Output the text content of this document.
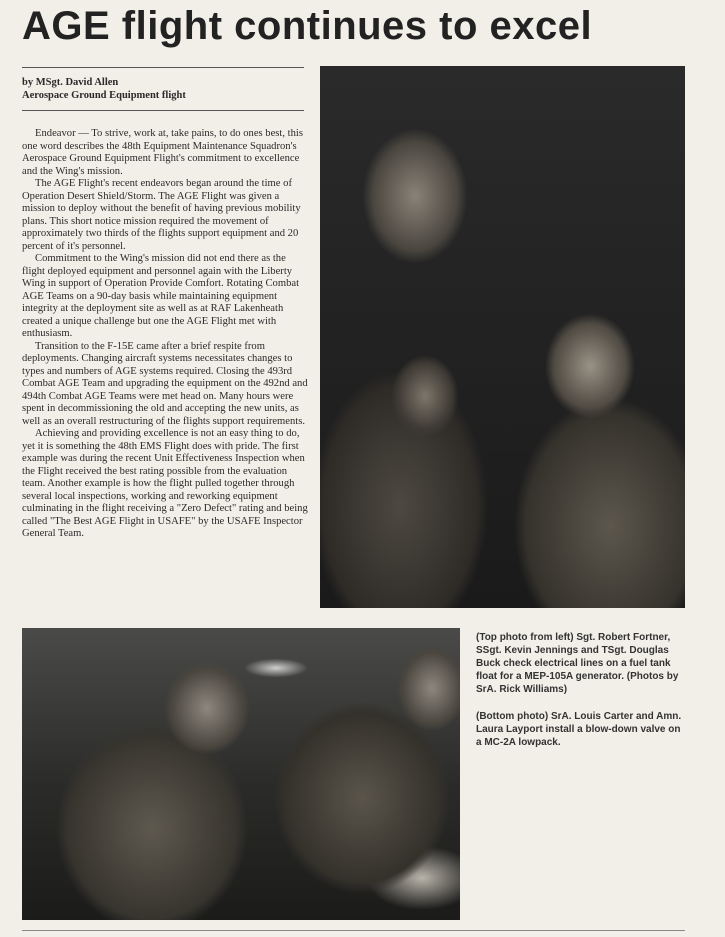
AGE flight continues to excel
by MSgt. David Allen
Aerospace Ground Equipment flight

Endeavor — To strive, work at, take pains, to do ones best, this one word describes the 48th Equipment Maintenance Squadron's Aerospace Ground Equipment Flight's commitment to excellence and the Wing's mission.

The AGE Flight's recent endeavors began around the time of Operation Desert Shield/Storm. The AGE Flight was given a mission to deploy without the benefit of having previous mobility plans. This short notice mission required the movement of approximately two thirds of the flights support equipment and 20 percent of it's personnel.

Commitment to the Wing's mission did not end there as the flight deployed equipment and personnel again with the Liberty Wing in support of Operation Provide Comfort. Rotating Combat AGE Teams on a 90-day basis while maintaining equipment integrity at the deployment site as well as at RAF Lakenheath created a unique challenge but one the AGE Flight met with enthusiasm.

Transition to the F-15E came after a brief respite from deployments. Changing aircraft systems necessitates changes to types and numbers of AGE systems required. Closing the 493rd Combat AGE Team and upgrading the equipment on the 492nd and 494th Combat AGE Teams were met head on. Many hours were spent in decommissioning the old and accepting the new units, as well as an overall restructuring of the flights support requirements.

Achieving and providing excellence is not an easy thing to do, yet it is something the 48th EMS Flight does with pride. The first example was during the recent Unit Effectiveness Inspection when the Flight received the best rating possible from the evaluation team. Another example is how the flight pulled together through several local inspections, working and reworking equipment culminating in the flight receiving a "Zero Defect" rating and being called "The Best AGE Flight in USAFE" by the USAFE Inspector General Team.

(Top photo from left) Sgt. Robert Fortner, SSgt. Kevin Jennings and TSgt. Douglas Buck check electrical lines on a fuel tank float for a MEP-105A generator. (Photos by SrA. Rick Williams)
(Bottom photo) SrA. Louis Carter and Amn. Laura Layport install a blow-down valve on a MC-2A lowpack.
